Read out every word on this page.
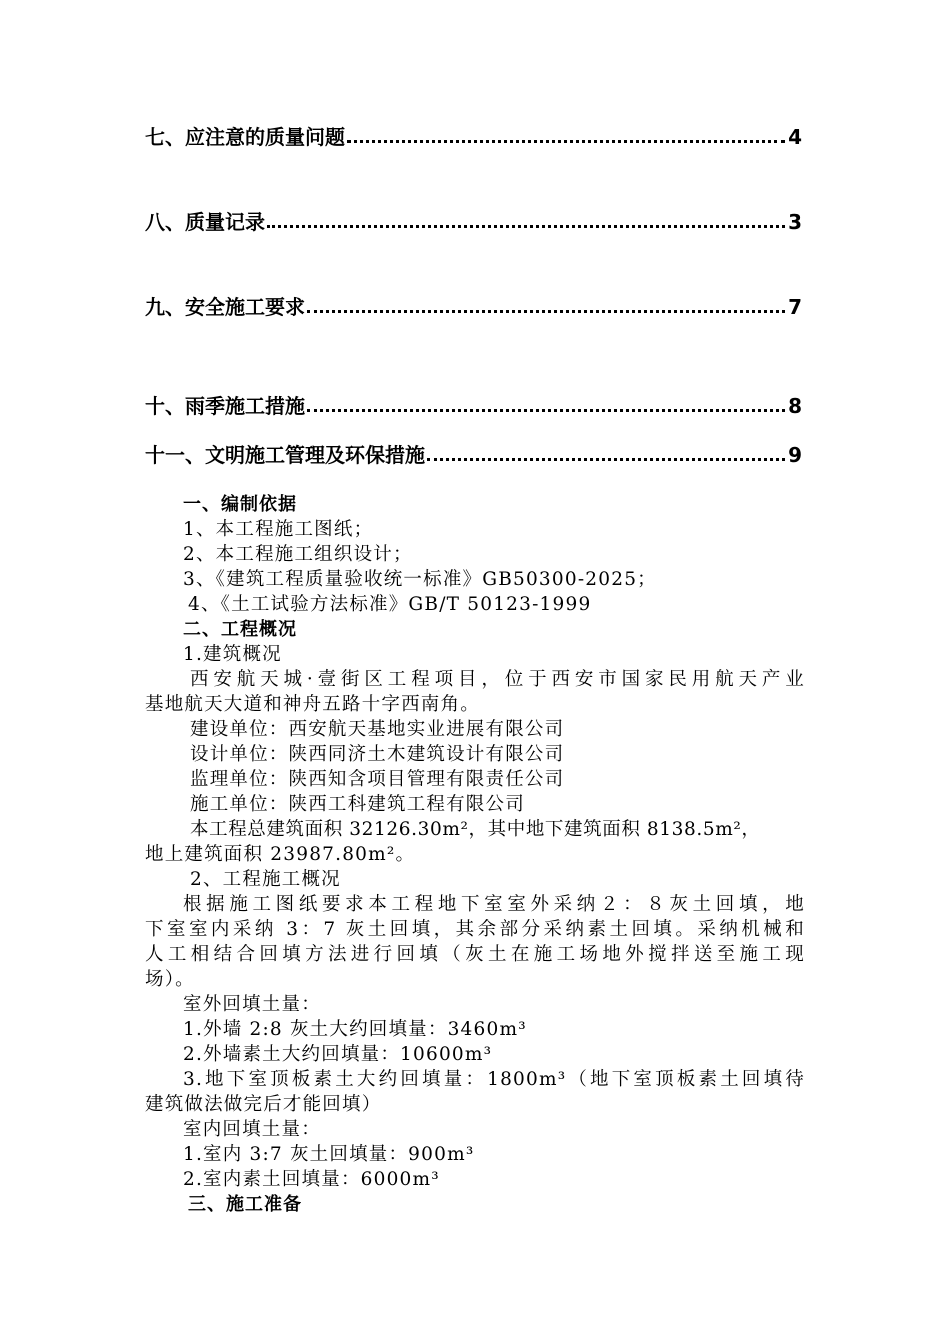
七、应注意的质量问题	4
八、质量记录	3
九、安全施工要求	7
十、雨季施工措施	8
十一、文明施工管理及环保措施	9
一、编制依据
1、本工程施工图纸；
2、本工程施工组织设计；
3、《建筑工程质量验收统一标准》GB50300-2025；
4、《土工试验方法标准》GB/T 50123-1999
二、工程概况
1.建筑概况
西安航天城·壹街区工程项目，位于西安市国家民用航天产业
基地航天大道和神舟五路十字西南角。
建设单位：西安航天基地实业进展有限公司
设计单位：陕西同济土木建筑设计有限公司
监理单位：陕西知含项目管理有限责任公司
施工单位：陕西工科建筑工程有限公司
本工程总建筑面积 32126.30m²，其中地下建筑面积 8138.5m²，
地上建筑面积 23987.80m²。
2、工程施工概况
根据施工图纸要求本工程地下室室外采纳２：８灰土回填，地
下室室内采纳 3：7 灰土回填，其余部分采纳素土回填。采纳机械和
人工相结合回填方法进行回填（灰土在施工场地外搅拌送至施工现
场）。
室外回填土量：
1.外墙 2:8 灰土大约回填量：3460m³
2.外墙素土大约回填量：10600m³
3.地下室顶板素土大约回填量：1800m³（地下室顶板素土回填待
建筑做法做完后才能回填）
室内回填土量：
1.室内 3:7 灰土回填量：900m³
2.室内素土回填量：6000m³
三、施工准备
